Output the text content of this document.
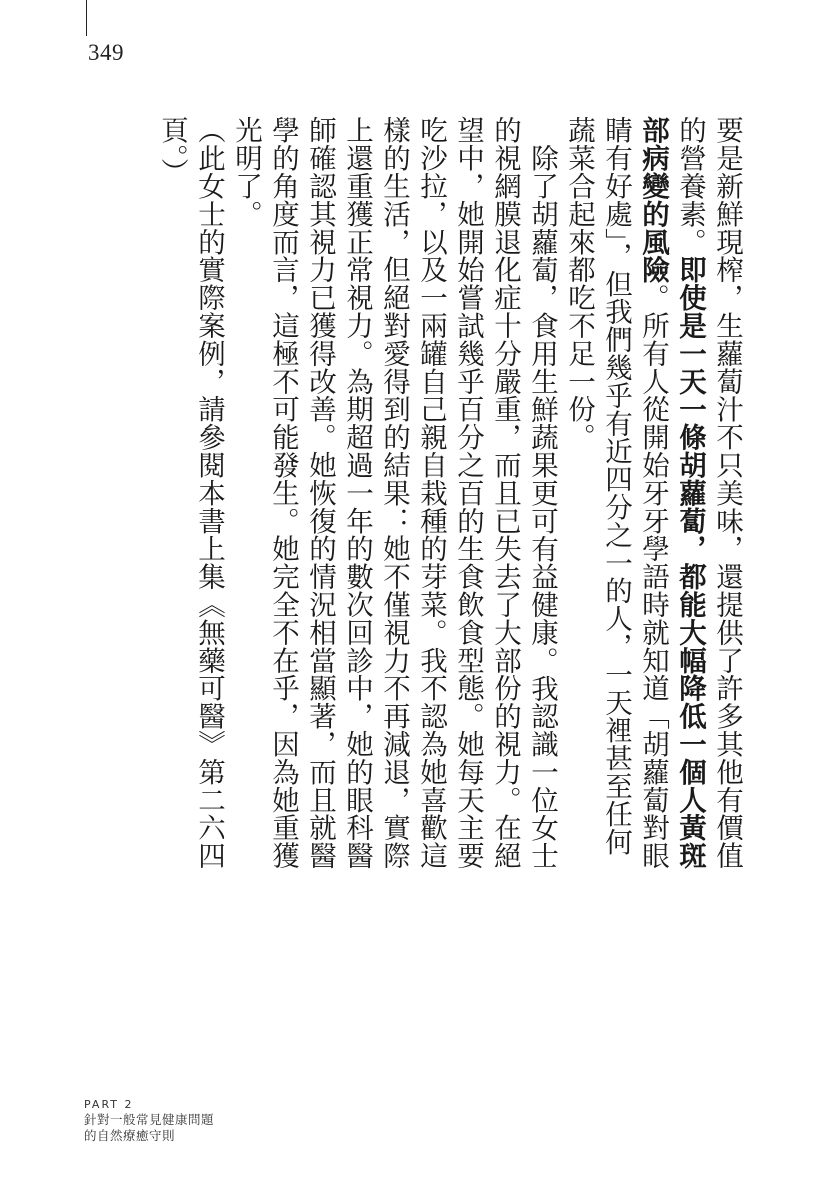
349

要是新鮮現榨，生蘿蔔汁不只美味，還提供了許多其他有價值的營養素。即使是一天一條胡蘿蔔，都能大幅降低一個人黃斑部病變的風險。所有人從開始牙牙學語時就知道「胡蘿蔔對眼睛有好處」，但我們幾乎有近四分之一的人，一天裡甚至任何蔬菜合起來都吃不足一份。

除了胡蘿蔔，食用生鮮蔬果更可有益健康。我認識一位女士的視網膜退化症十分嚴重，而且已失去了大部份的視力。在絕望中，她開始嘗試幾乎百分之百的生食飲食型態。她每天主要吃沙拉，以及一兩罐自己親自栽種的芽菜。我不認為她喜歡這樣的生活，但絕對愛得到的結果：她不僅視力不再減退，實際上還重獲正常視力。為期超過一年的數次回診中，她的眼科醫師確認其視力已獲得改善。她恢復的情況相當顯著，而且就醫學的角度而言，這極不可能發生。她完全不在乎，因為她重獲光明了。

（此女士的實際案例，請參閱本書上集《無藥可醫》第二六四頁。）

PART 2
針對一般常見健康問題
的自然療癒守則
